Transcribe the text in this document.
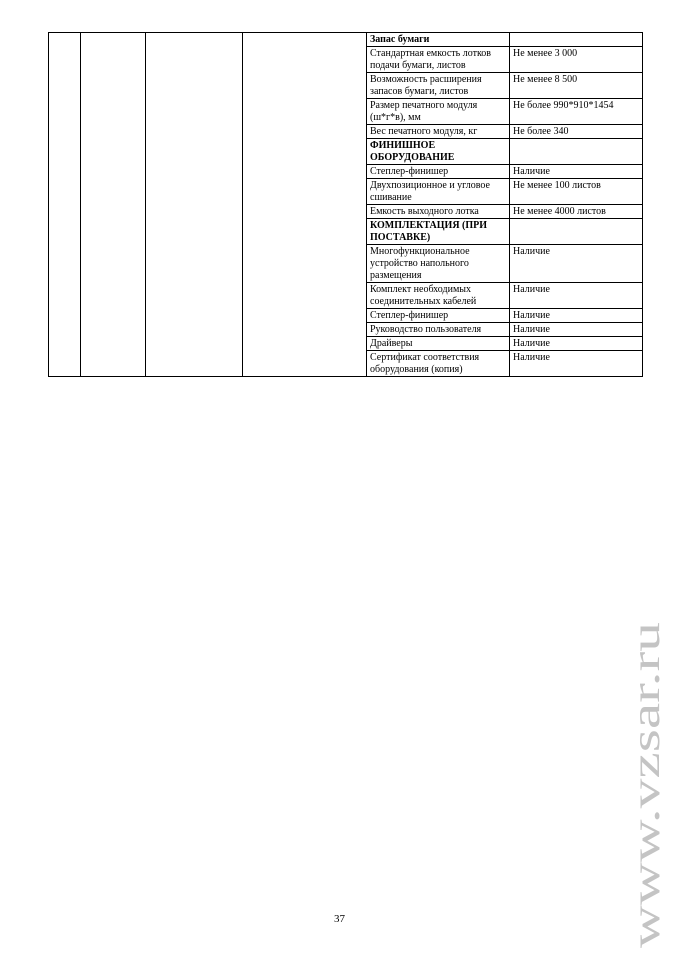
				Запас бумаги	
				Стандартная емкость лотков подачи бумаги, листов	Не менее 3 000
				Возможность расширения запасов бумаги, листов	Не менее 8 500
				Размер печатного модуля (ш*г*в), мм	Не более 990*910*1454
				Вес печатного модуля, кг	Не более 340
				ФИНИШНОЕ ОБОРУДОВАНИЕ	
				Степлер-финишер	Наличие
				Двухпозиционное и угловое сшивание	Не менее 100 листов
				Емкость выходного лотка	Не менее 4000 листов
				КОМПЛЕКТАЦИЯ (ПРИ ПОСТАВКЕ)	
				Многофункциональное устройство напольного размещения	Наличие
				Комплект необходимых соединительных кабелей	Наличие
				Степлер-финишер	Наличие
				Руководство пользователя	Наличие
				Драйверы	Наличие
				Сертификат соответствия оборудования (копия)	Наличие
37	www.vzsar.ru
